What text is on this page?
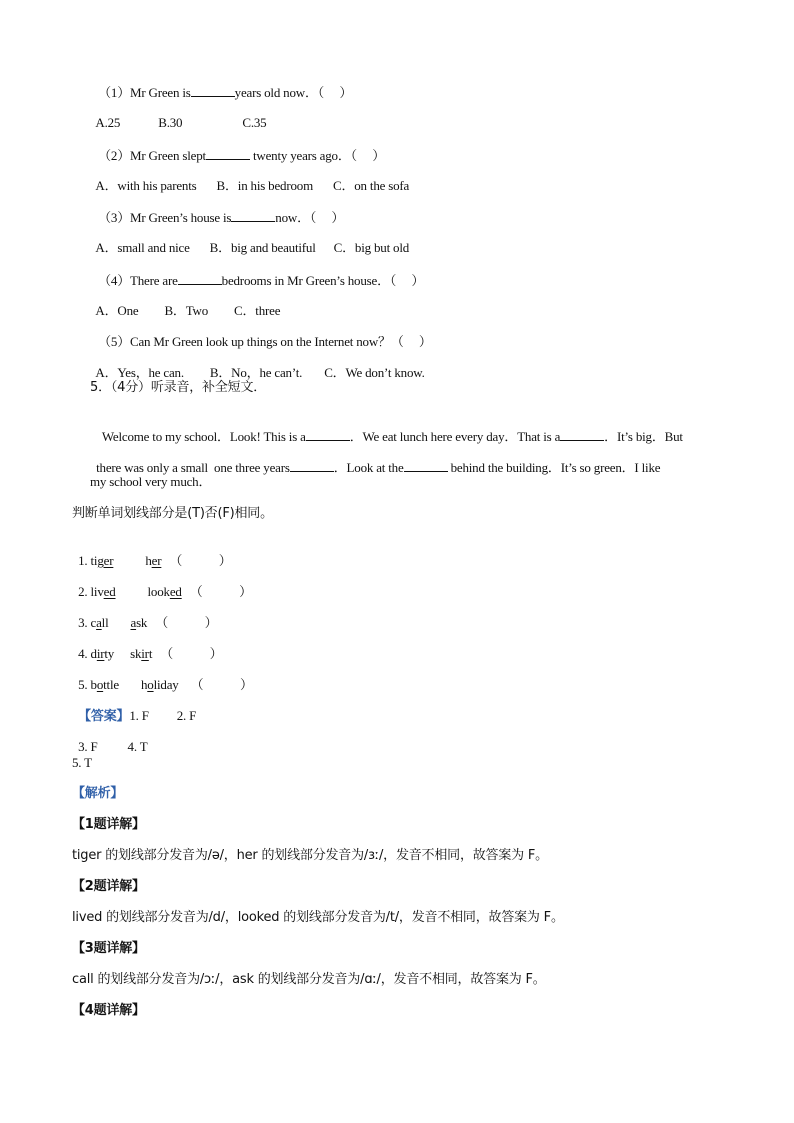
（1）Mr Green is	years old now．（     ）

A.25	B.30	C.35

（2）Mr Green slept	twenty years ago．（     ）

A．with his parents B．in his bedroom C．on the sofa

（3）Mr Green’s house is	now．（     ）

A．small and nice B．big and beautiful C．big but old

（4）There are	bedrooms in Mr Green’s house．（     ）

A．One B．Two C．three

（5）Can Mr Green look up things on the Internet now？（     ）

A．Yes，he can. B．No，he can’t. C．We don’t know.

5．（4分）听录音，补全短文．

Welcome to my school．Look! This is a	．We eat lunch here every day．That is a	．It’s big．But

there was only a small  one three years	．Look at the	behind the building．It’s so green．I like

my school very much．
判断单词划线部分是(T)否(F)相同。

1. tiger her （            ）

2. lived looked （            ）

3. call ask （            ）

4. dirty skirt （            ）

5. bottle holiday （            ）

【答案】1. F 2. F

3. F 4. T

5. T
【解析】
【1题详解】
tiger 的划线部分发音为/ə/，her 的划线部分发音为/ɜː/，发音不相同，故答案为 F。
【2题详解】
lived 的划线部分发音为/d/，looked 的划线部分发音为/t/，发音不相同，故答案为 F。
【3题详解】
call 的划线部分发音为/ɔː/，ask 的划线部分发音为/ɑː/，发音不相同，故答案为 F。
【4题详解】
